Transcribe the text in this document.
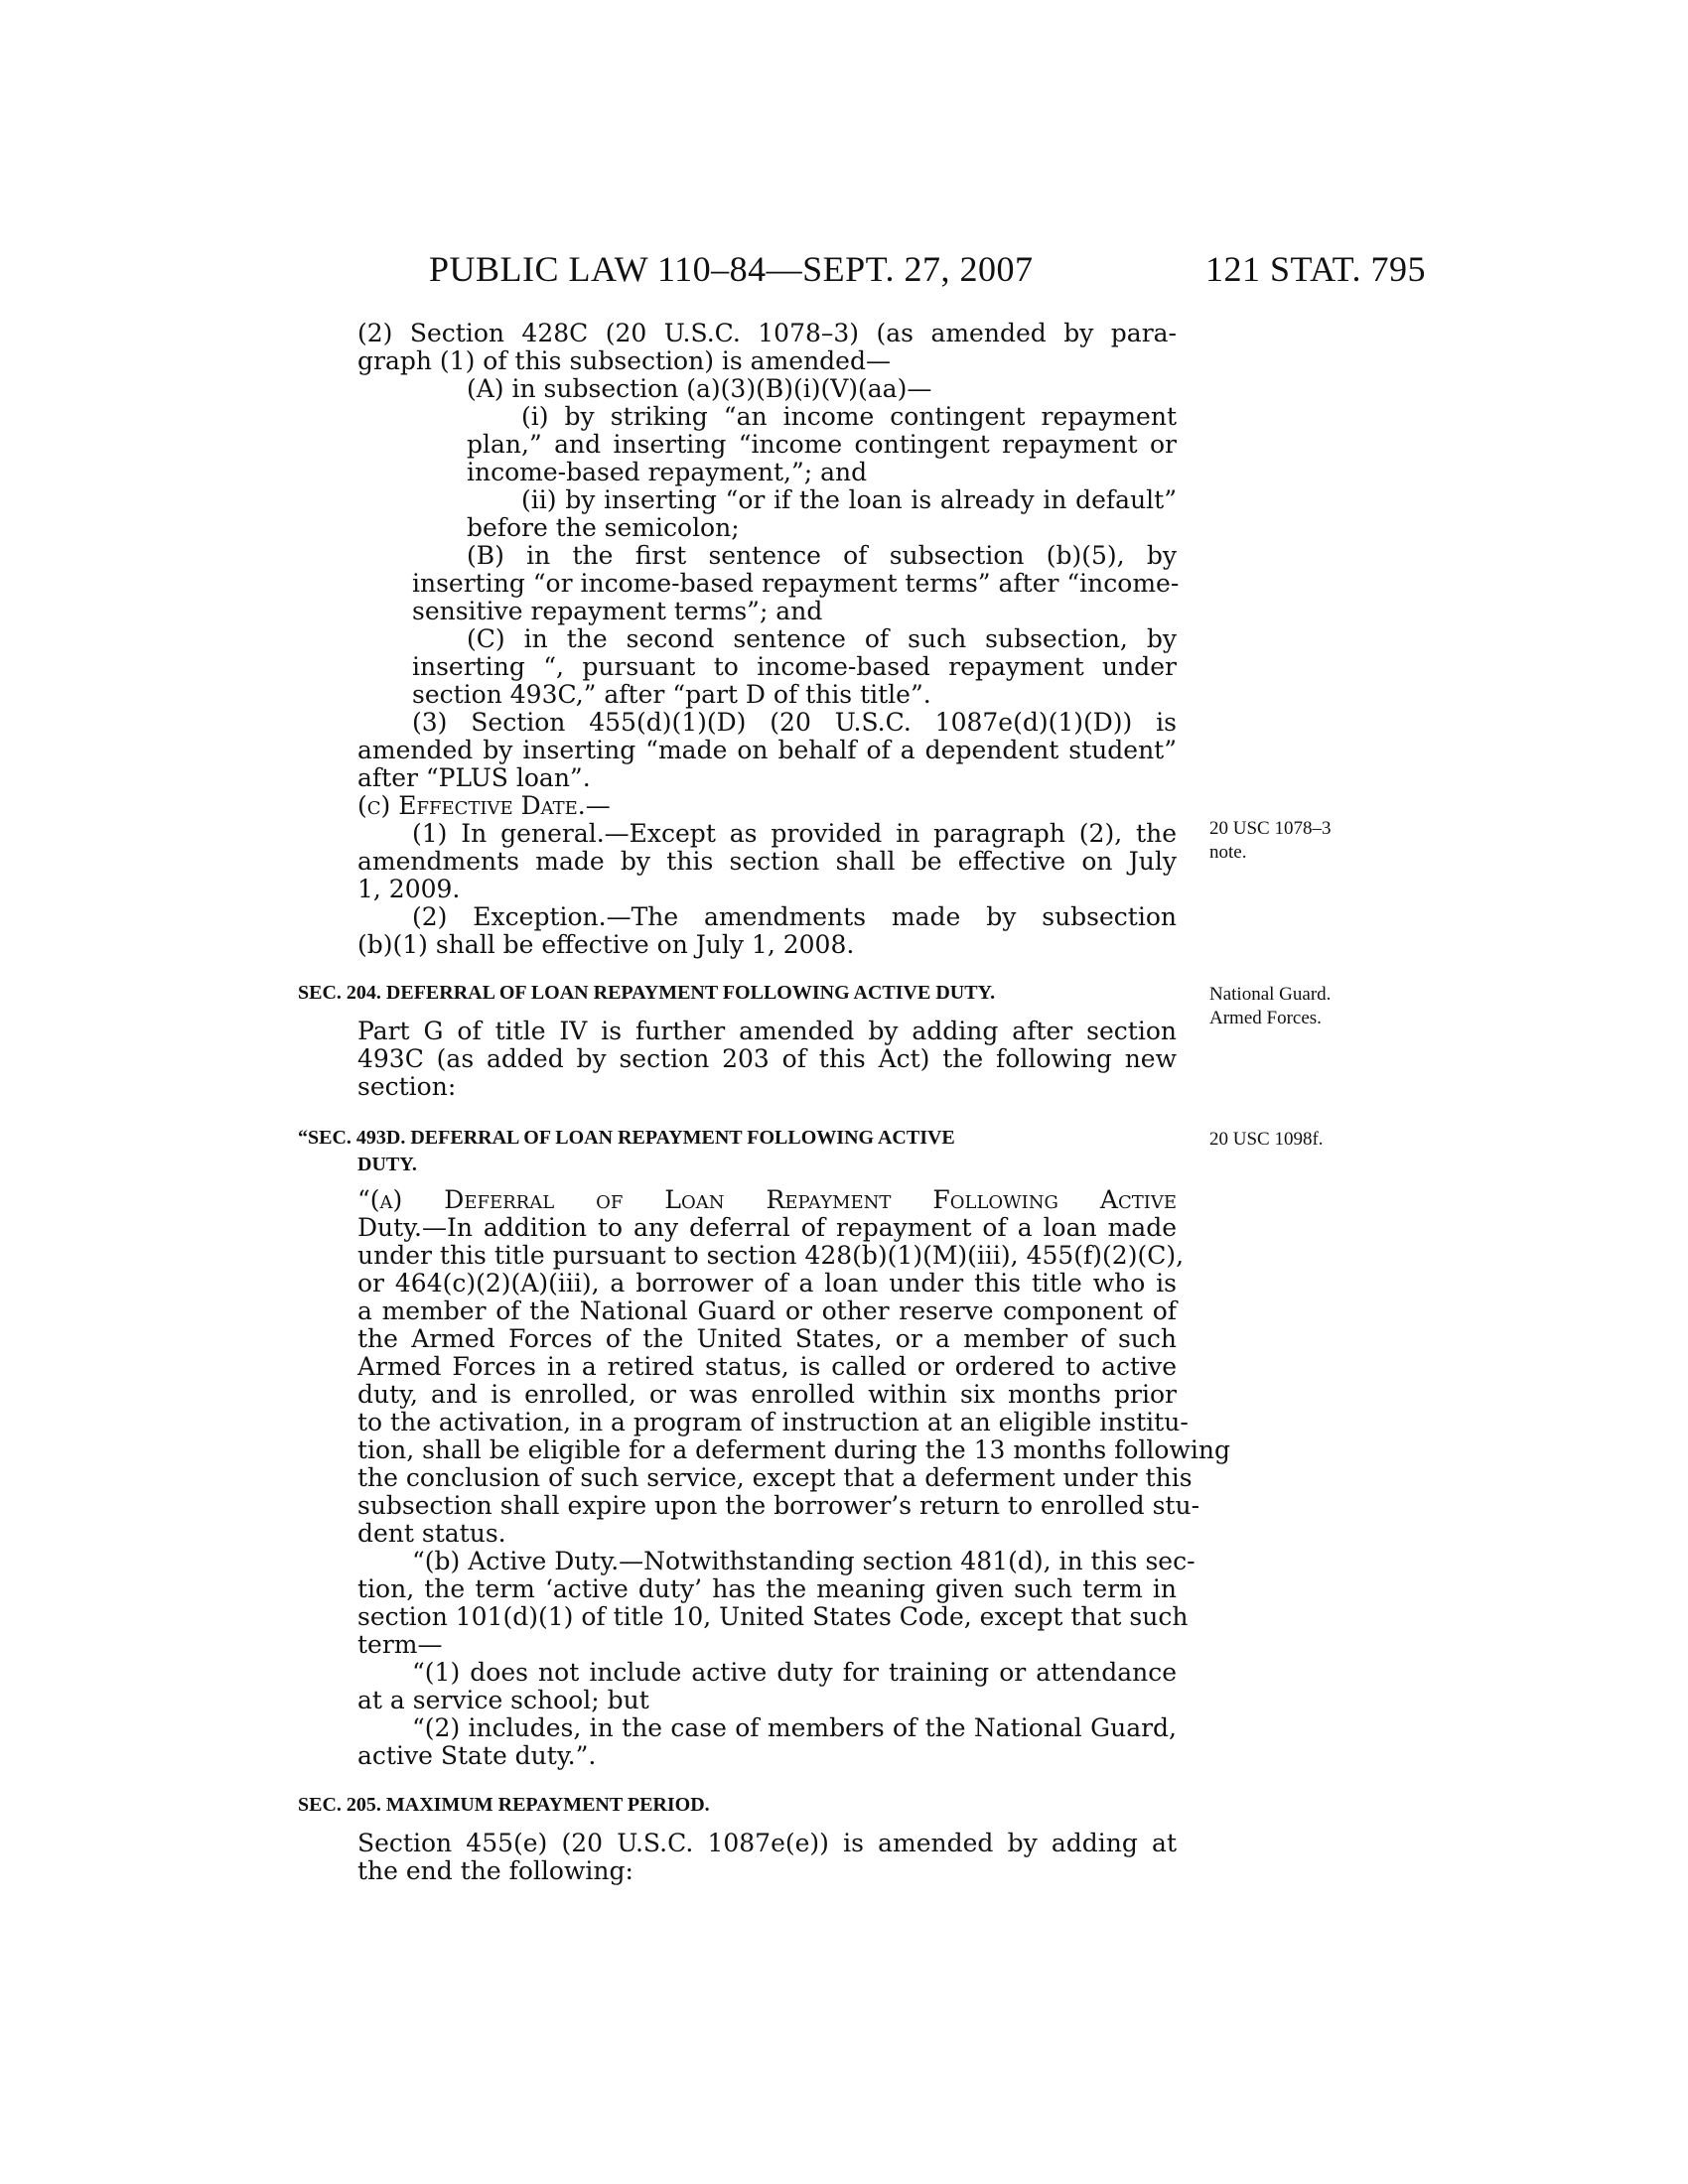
PUBLIC LAW 110–84—SEPT. 27, 2007	121 STAT. 795
(2) Section 428C (20 U.S.C. 1078–3) (as amended by para-
graph (1) of this subsection) is amended—
(A) in subsection (a)(3)(B)(i)(V)(aa)—
(i) by striking “an income contingent repayment
plan,” and inserting “income contingent repayment or
income-based repayment,”; and
(ii) by inserting “or if the loan is already in default”
before the semicolon;
(B) in the first sentence of subsection (b)(5), by
inserting “or income-based repayment terms” after “income-
sensitive repayment terms”; and
(C) in the second sentence of such subsection, by
inserting “, pursuant to income-based repayment under
section 493C,” after “part D of this title”.
(3) Section 455(d)(1)(D) (20 U.S.C. 1087e(d)(1)(D)) is
amended by inserting “made on behalf of a dependent student”
after “PLUS loan”.
(c) Effective Date.—
(1) In general.—Except as provided in paragraph (2), the
amendments made by this section shall be effective on July
1, 2009.
(2) Exception.—The amendments made by subsection
(b)(1) shall be effective on July 1, 2008.
SEC. 204. DEFERRAL OF LOAN REPAYMENT FOLLOWING ACTIVE DUTY.
Part G of title IV is further amended by adding after section
493C (as added by section 203 of this Act) the following new
section:
“SEC. 493D. DEFERRAL OF LOAN REPAYMENT FOLLOWING ACTIVE
DUTY.
“(a) Deferral of Loan Repayment Following Active
Duty.—In addition to any deferral of repayment of a loan made
under this title pursuant to section 428(b)(1)(M)(iii), 455(f)(2)(C),
or 464(c)(2)(A)(iii), a borrower of a loan under this title who is
a member of the National Guard or other reserve component of
the Armed Forces of the United States, or a member of such
Armed Forces in a retired status, is called or ordered to active
duty, and is enrolled, or was enrolled within six months prior
to the activation, in a program of instruction at an eligible institu-
tion, shall be eligible for a deferment during the 13 months following
the conclusion of such service, except that a deferment under this
subsection shall expire upon the borrower’s return to enrolled stu-
dent status.
“(b) Active Duty.—Notwithstanding section 481(d), in this sec-
tion, the term ‘active duty’ has the meaning given such term in
section 101(d)(1) of title 10, United States Code, except that such
term—
“(1) does not include active duty for training or attendance
at a service school; but
“(2) includes, in the case of members of the National Guard,
active State duty.”.
SEC. 205. MAXIMUM REPAYMENT PERIOD.
Section 455(e) (20 U.S.C. 1087e(e)) is amended by adding at
the end the following:
20 USC 1078–3
note.
National Guard.
Armed Forces.
20 USC 1098f.
